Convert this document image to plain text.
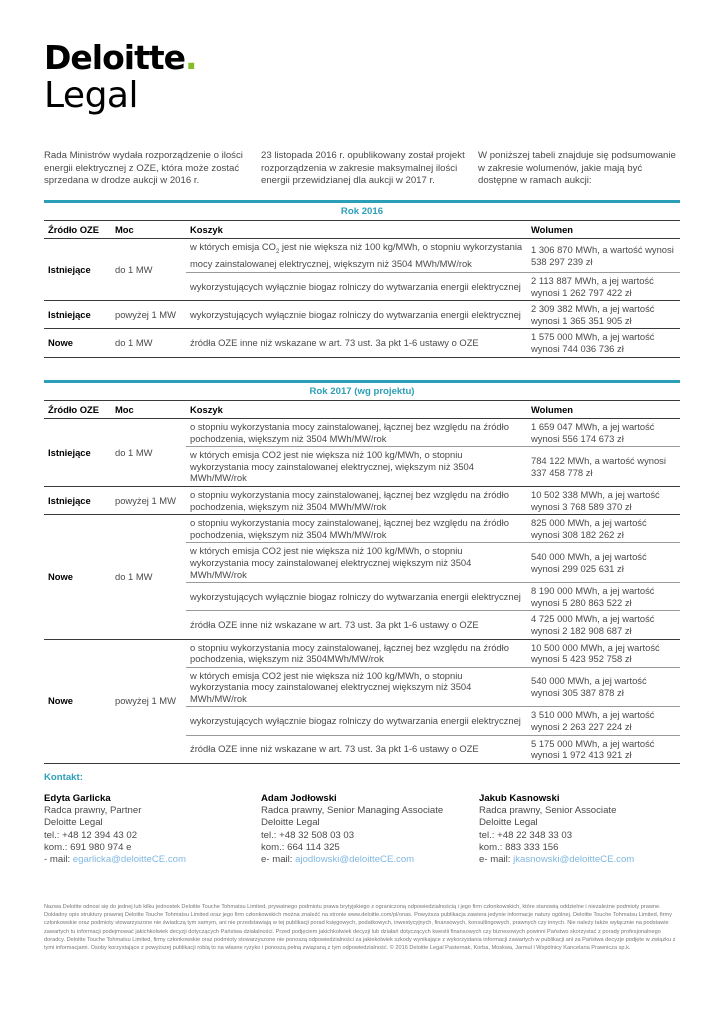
Deloitte.
Legal
Rada Ministrów wydała rozporządzenie o ilości energii elektrycznej z OZE, która może zostać sprzedana w drodze aukcji w 2016 r.
23 listopada 2016 r. opublikowany został projekt rozporządzenia w zakresie maksymalnej ilości energii przewidzianej dla aukcji w 2017 r.
W poniższej tabeli znajduje się podsumowanie w zakresie wolumenów, jakie mają być dostępne w ramach aukcji:
Rok 2016
Źródło OZE	Moc	Koszyk	Wolumen
Istniejące	do 1 MW	w których emisja $CO_2$ jest nie większa niż 100 kg/MWh, o stopniu wykorzystania mocy zainstalowanej elektrycznej, większym niż 3504 MWh/MW/rok	1 306 870 MWh, a wartość wynosi 538 297 239 zł
		wykorzystujących wyłącznie biogaz rolniczy do wytwarzania energii elektrycznej	2 113 887 MWh, a jej wartość wynosi 1 262 797 422 zł
Istniejące	powyżej 1 MW	wykorzystujących wyłącznie biogaz rolniczy do wytwarzania energii elektrycznej	2 309 382 MWh, a jej wartość wynosi 1 365 351 905 zł
Nowe	do 1 MW	źródła OZE inne niż wskazane w art. 73 ust. 3a pkt 1-6 ustawy o OZE	1 575 000 MWh, a jej wartość wynosi 744 036 736 zł
Rok 2017 (wg projektu)
Źródło OZE	Moc	Koszyk	Wolumen
Istniejące	do 1 MW	o stopniu wykorzystania mocy zainstalowanej, łącznej bez względu na źródło pochodzenia, większym niż 3504 MWh/MW/rok	1 659 047 MWh, a jej wartość wynosi 556 174 673 zł
		w których emisja CO2 jest nie większa niż 100 kg/MWh, o stopniu wykorzystania mocy zainstalowanej elektrycznej, większym niż 3504 MWh/MW/rok	784 122 MWh, a wartość wynosi 337 458 778 zł
Istniejące	powyżej 1 MW	o stopniu wykorzystania mocy zainstalowanej, łącznej bez względu na źródło pochodzenia, większym niż 3504 MWh/MW/rok	10 502 338 MWh, a jej wartość wynosi 3 768 589 370 zł
Nowe	do 1 MW	o stopniu wykorzystania mocy zainstalowanej, łącznej bez względu na źródło pochodzenia, większym niż 3504 MWh/MW/rok	825 000 MWh, a jej wartość wynosi 308 182 262 zł
		w których emisja CO2 jest nie większa niż 100 kg/MWh, o stopniu wykorzystania mocy zainstalowanej elektrycznej większym niż 3504 MWh/MW/rok	540 000 MWh, a jej wartość wynosi 299 025 631 zł
		wykorzystujących wyłącznie biogaz rolniczy do wytwarzania energii elektrycznej	8 190 000 MWh, a jej wartość wynosi 5 280 863 522 zł
		źródła OZE inne niż wskazane w art. 73 ust. 3a pkt 1-6 ustawy o OZE	4 725 000 MWh, a jej wartość wynosi 2 182 908 687 zł
Nowe	powyżej 1 MW	o stopniu wykorzystania mocy zainstalowanej, łącznej bez względu na źródło pochodzenia, większym niż 3504MWh/MW/rok	10 500 000 MWh, a jej wartość wynosi 5 423 952 758 zł
		w których emisja CO2 jest nie większa niż 100 kg/MWh, o stopniu wykorzystania mocy zainstalowanej elektrycznej większym niż 3504 MWh/MW/rok	540 000 MWh, a jej wartość wynosi 305 387 878 zł
		wykorzystujących wyłącznie biogaz rolniczy do wytwarzania energii elektrycznej	3 510 000 MWh, a jej wartość wynosi 2 263 227 224 zł
		źródła OZE inne niż wskazane w art. 73 ust. 3a pkt 1-6 ustawy o OZE	5 175 000 MWh, a jej wartość wynosi 1 972 413 921 zł
Kontakt:
Edyta Garlicka
Radca prawny, Partner
Deloitte Legal
tel.: +48 12 394 43 02
kom.: 691 980 974 e
- mail: egarlicka@deloitteCE.com
Adam Jodłowski
Radca prawny, Senior Managing Associate
Deloitte Legal
tel.: +48 32 508 03 03
kom.: 664 114 325
e- mail: ajodlowski@deloitteCE.com
Jakub Kasnowski
Radca prawny, Senior Associate
Deloitte Legal
tel.: +48 22 348 33 03
kom.: 883 333 156
e- mail: jkasnowski@deloitteCE.com
Nazwa Deloitte odnosi się do jednej lub kilku jednostek Deloitte Touche Tohmatsu Limited, prywatnego podmiotu prawa brytyjskiego z ograniczoną odpowiedzialnością i jego firm członkowskich, które stanowią oddzielne i niezależne podmioty prawne. Dokładny opis struktury prawnej Deloitte Touche Tohmatsu Limited oraz jego firm członkowskich można znaleźć na stronie www.deloitte.com/pl/onas. Powyższa publikacja zawiera jedynie informacje natury ogólnej. Deloitte Touche Tohmatsu Limited, firmy członkowskie oraz podmioty stowarzyszone nie świadczą tym samym, ani nie przedstawiają w tej publikacji porad księgowych, podatkowych, inwestycyjnych, finansowych, konsultingowych, prawnych czy innych. Nie należy także wyłącznie na podstawie zawartych tu informacji podejmować jakichkolwiek decyzji dotyczących Państwa działalności. Przed podjęciem jakichkolwiek decyzji lub działań dotyczących kwestii finansowych czy biznesowych powinni Państwo skorzystać z porady profesjonalnego doradcy. Deloitte Touche Tohmatsu Limited, firmy członkowskie oraz podmioty stowarzyszone nie ponoszą odpowiedzialności za jakiekolwiek szkody wynikające z wykorzystania informacji zawartych w publikacji ani za Państwa decyzje podjęte w związku z tymi informacjami. Osoby korzystające z powyższej publikacji robią to na własne ryzyko i ponoszą pełną związaną z tym odpowiedzialność. © 2016 Deloitte Legal Pasternak, Korba, Moskwa, Jarmul i Wspólnicy Kancelaria Prawnicza sp.k.
